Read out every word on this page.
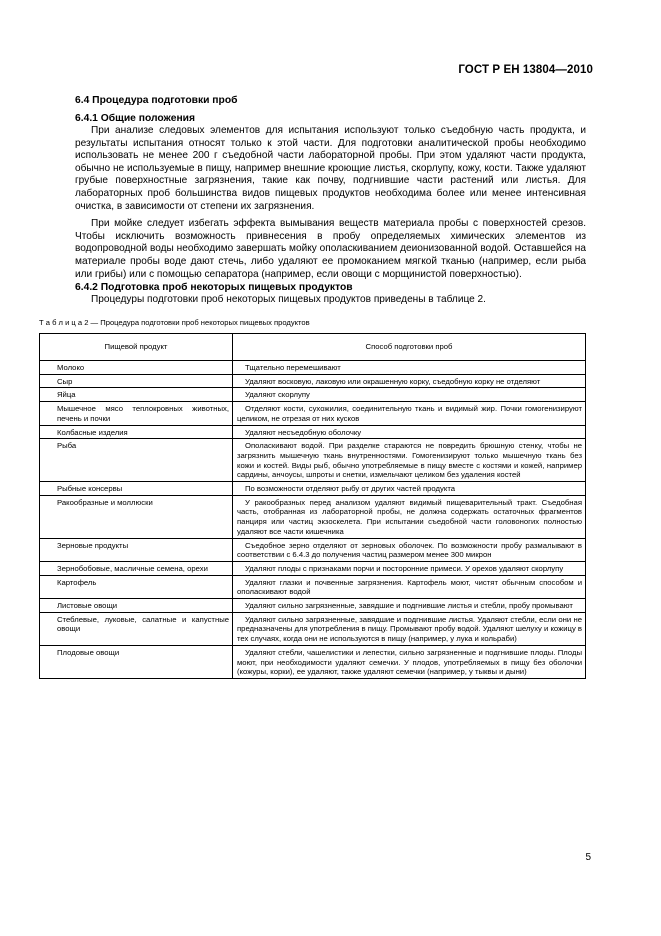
ГОСТ Р ЕН 13804—2010
6.4 Процедура подготовки проб
6.4.1 Общие положения

При анализе следовых элементов для испытания используют только съедобную часть продукта, и результаты испытания относят только к этой части. Для подготовки аналитической пробы необходимо использовать не менее 200 г съедобной части лабораторной пробы. При этом удаляют части продукта, обычно не используемые в пищу, например внешние кроющие листья, скорлупу, кожу, кости. Также удаляют грубые поверхностные загрязнения, такие как почву, подгнившие части растений или листья. Для лабораторных проб большинства видов пищевых продуктов необходима более или менее интенсивная очистка, в зависимости от степени их загрязнения.

При мойке следует избегать эффекта вымывания веществ материала пробы с поверхностей срезов. Чтобы исключить возможность привнесения в пробу определяемых химических элементов из водопроводной воды необходимо завершать мойку ополаскиванием деионизованной водой. Оставшейся на материале пробы воде дают стечь, либо удаляют ее промоканием мягкой тканью (например, если рыба или грибы) или с помощью сепаратора (например, если овощи с морщинистой поверхностью).

6.4.2 Подготовка проб некоторых пищевых продуктов

Процедуры подготовки проб некоторых пищевых продуктов приведены в таблице 2.

Т а б л и ц а 2 — Процедура подготовки проб некоторых пищевых продуктов
Пищевой продукт	Способ подготовки проб
Молоко	Тщательно перемешивают
Сыр	Удаляют восковую, лаковую или окрашенную корку, съедобную корку не отделяют
Яйца	Удаляют скорлупу
Мышечное мясо теплокровных животных, печень и почки	Отделяют кости, сухожилия, соединительную ткань и видимый жир. Почки гомогенизируют целиком, не отрезая от них кусков
Колбасные изделия	Удаляют несъедобную оболочку
Рыба	Ополаскивают водой. При разделке стараются не повредить брюшную стенку, чтобы не загрязнить мышечную ткань внутренностями. Гомогенизируют только мышечную ткань без кожи и костей. Виды рыб, обычно употребляемые в пищу вместе с костями и кожей, например сардины, анчоусы, шпроты и снетки, измельчают целиком без удаления костей
Рыбные консервы	По возможности отделяют рыбу от других частей продукта
Ракообразные и моллюски	У ракообразных перед анализом удаляют видимый пищеварительный тракт. Съедобная часть, отобранная из лабораторной пробы, не должна содержать остаточных фрагментов панциря или частиц экзоскелета. При испытании съедобной части головоногих полностью удаляют все части кишечника
Зерновые продукты	Съедобное зерно отделяют от зерновых оболочек. По возможности пробу размалывают в соответствии с 6.4.3 до получения частиц размером менее 300 микрон
Зернобобовые, масличные семена, орехи	Удаляют плоды с признаками порчи и посторонние примеси. У орехов удаляют скорлупу
Картофель	Удаляют глазки и почвенные загрязнения. Картофель моют, чистят обычным способом и ополаскивают водой
Листовые овощи	Удаляют сильно загрязненные, завядшие и подгнившие листья и стебли, пробу промывают
Стеблевые, луковые, салатные и капустные овощи	Удаляют сильно загрязненные, завядшие и подгнившие листья. Удаляют стебли, если они не предназначены для употребления в пищу. Промывают пробу водой. Удаляют шелуху и кожицу в тех случаях, когда они не используются в пищу (например, у лука и кольраби)
Плодовые овощи	Удаляют стебли, чашелистики и лепестки, сильно загрязненные и подгнившие плоды. Плоды моют, при необходимости удаляют семечки. У плодов, употребляемых в пищу без оболочки (кожуры, корки), ее удаляют, также удаляют семечки (например, у тыквы и дыни)
5
